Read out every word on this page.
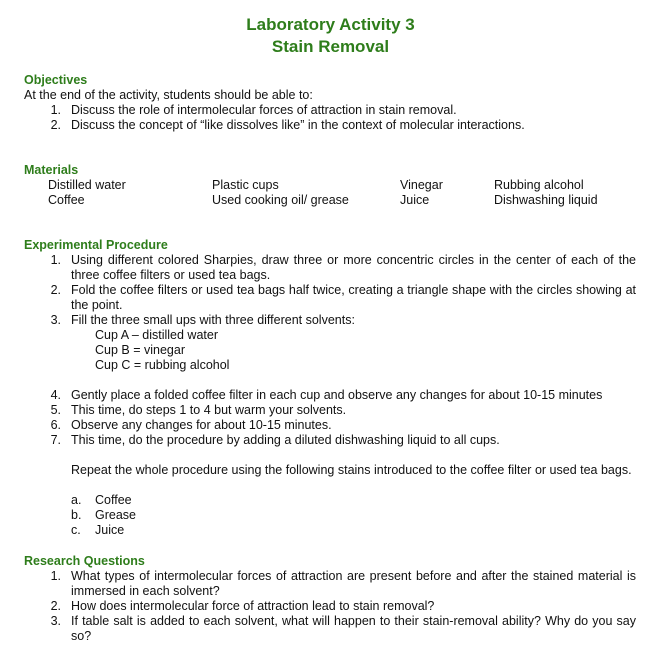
Laboratory Activity 3
Stain Removal
Objectives
At the end of the activity, students should be able to:
1. Discuss the role of intermolecular forces of attraction in stain removal.
2. Discuss the concept of “like dissolves like” in the context of molecular interactions.
Materials
Distilled water	Plastic cups	Vinegar	Rubbing alcohol
Coffee	Used cooking oil/ grease	Juice	Dishwashing liquid
Experimental Procedure
1. Using different colored Sharpies, draw three or more concentric circles in the center of each of the three coffee filters or used tea bags.
2. Fold the coffee filters or used tea bags half twice, creating a triangle shape with the circles showing at the point.
3. Fill the three small ups with three different solvents:
Cup A – distilled water
Cup B = vinegar
Cup C = rubbing alcohol
4. Gently place a folded coffee filter in each cup and observe any changes for about 10-15 minutes
5. This time, do steps 1 to 4 but warm your solvents.
6. Observe any changes for about 10-15 minutes.
7. This time, do the procedure by adding a diluted dishwashing liquid to all cups.
Repeat the whole procedure using the following stains introduced to the coffee filter or used tea bags.
a. Coffee
b. Grease
c. Juice
Research Questions
1. What types of intermolecular forces of attraction are present before and after the stained material is immersed in each solvent?
2. How does intermolecular force of attraction lead to stain removal?
3. If table salt is added to each solvent, what will happen to their stain-removal ability? Why do you say so?
